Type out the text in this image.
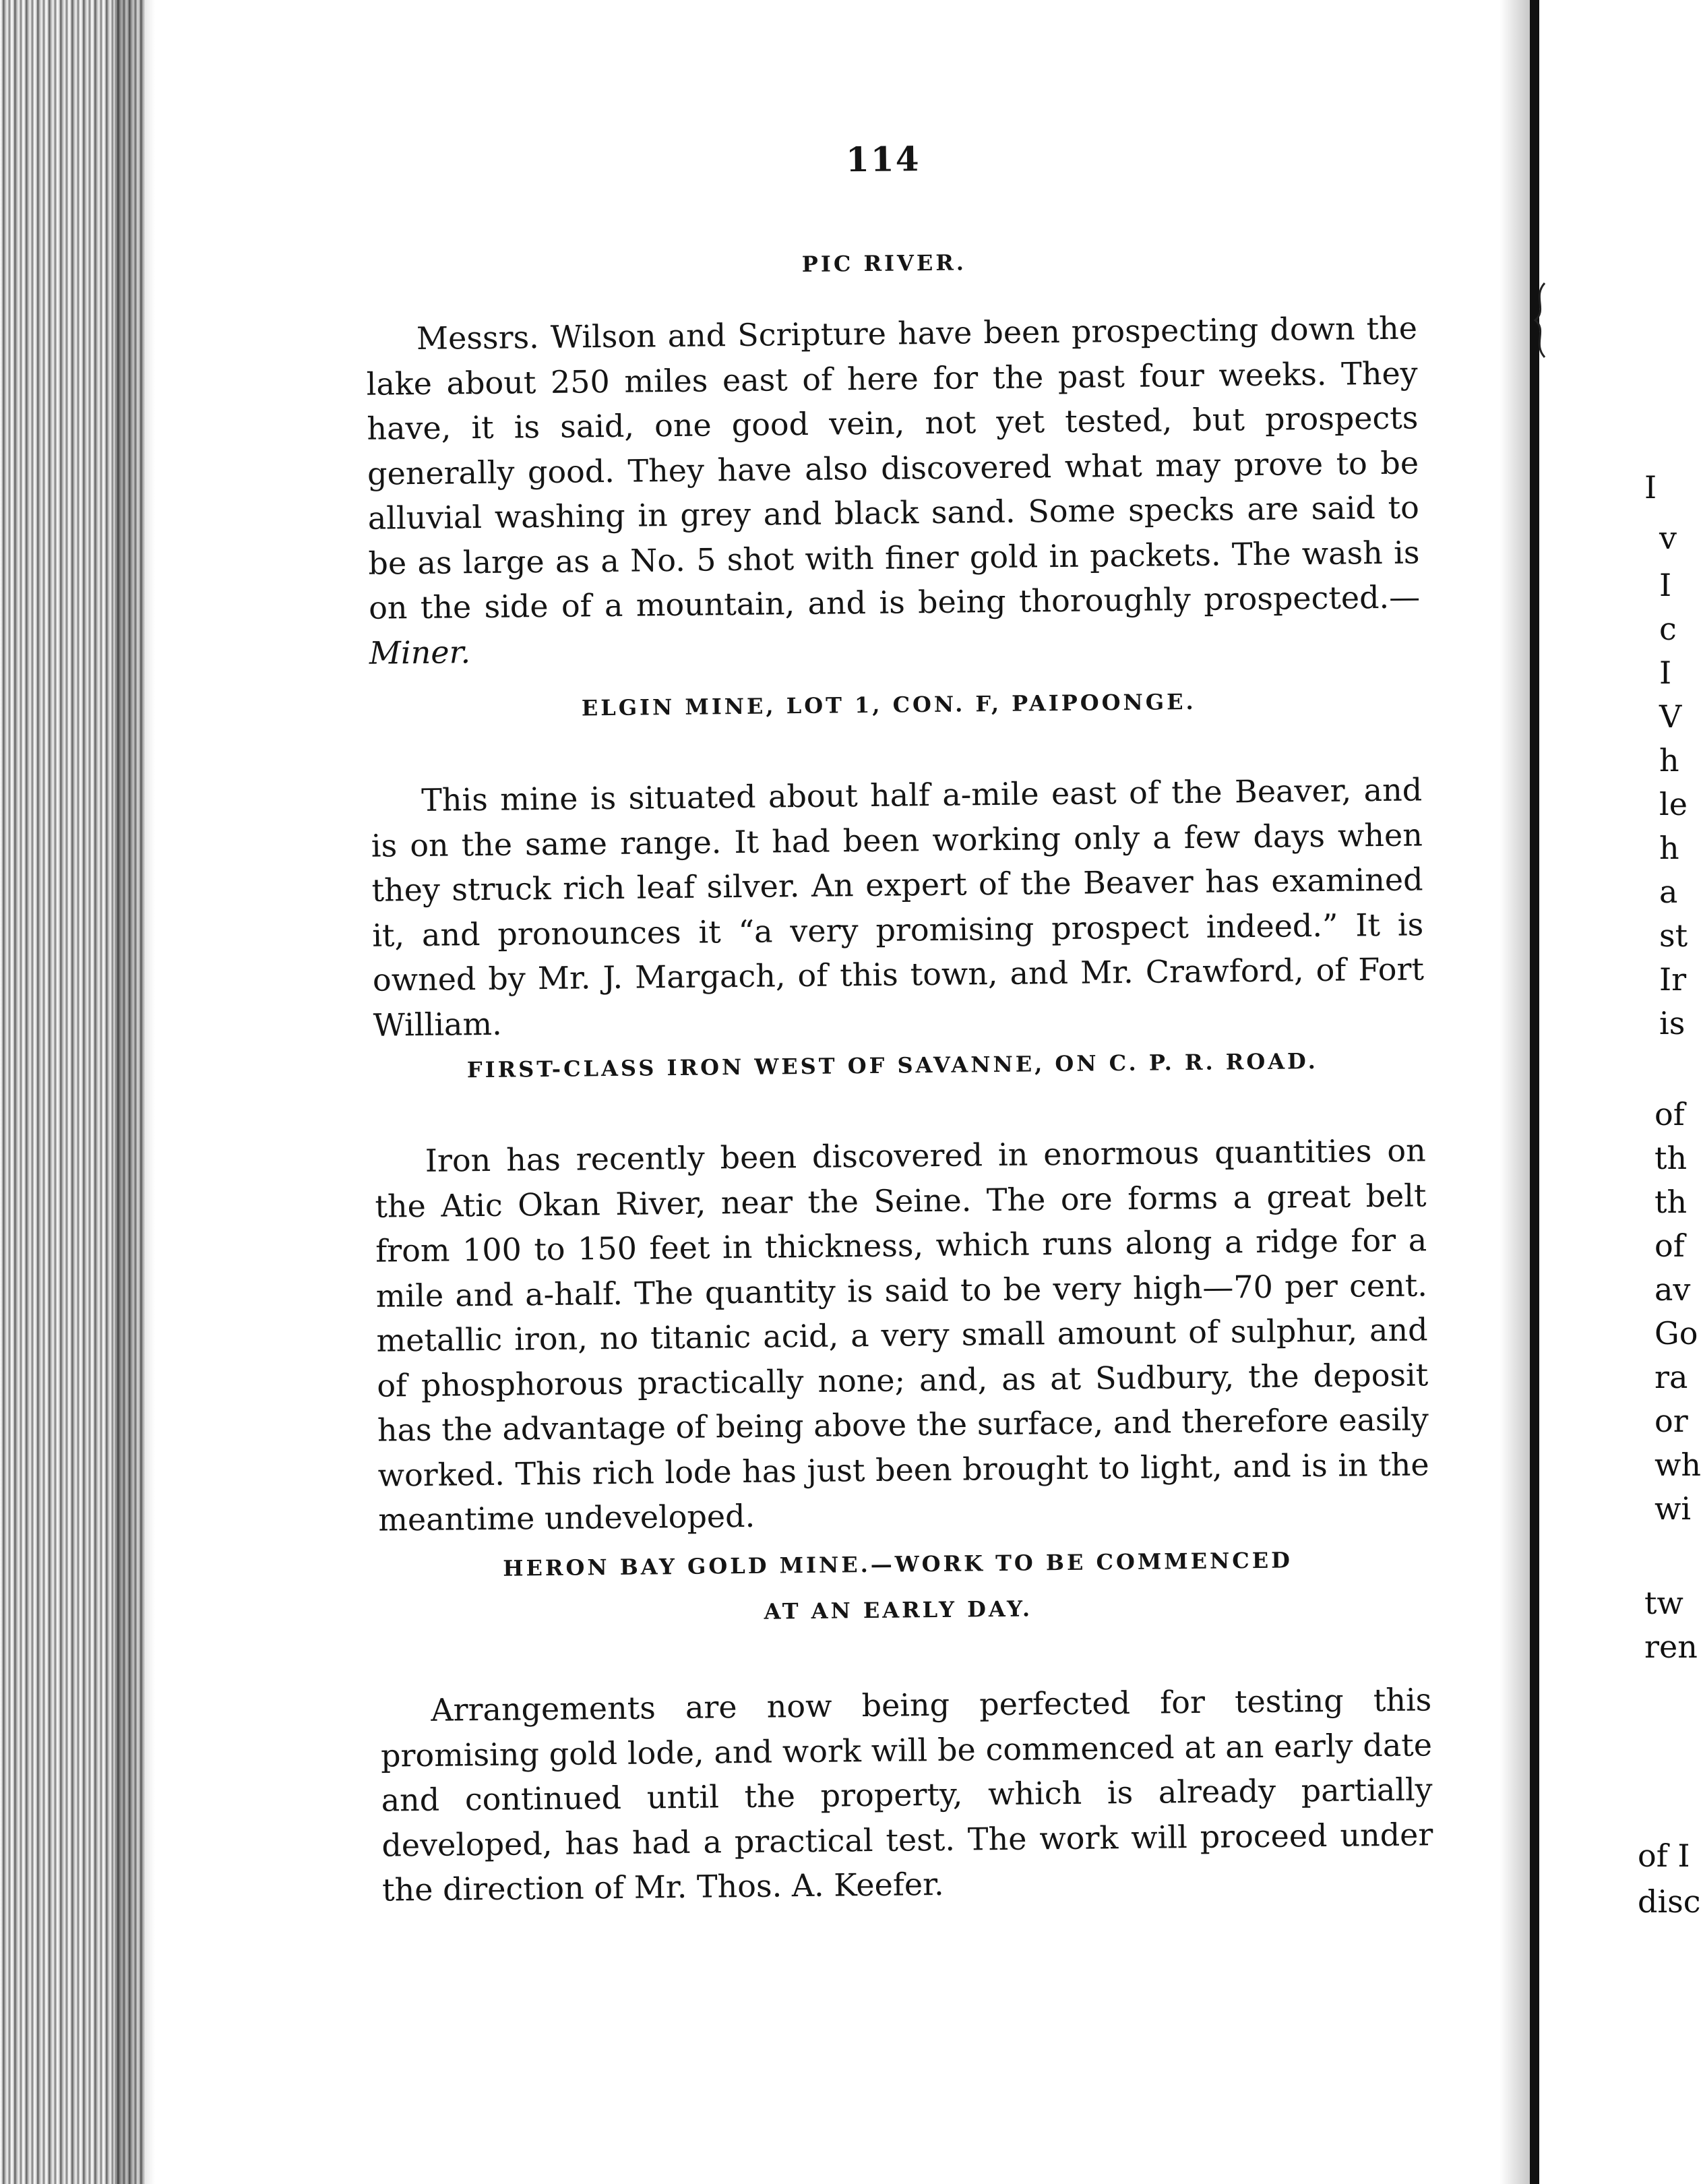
114
PIC RIVER.

Messrs. Wilson and Scripture have been prospecting down the lake about 250 miles east of here for the past four weeks. They have, it is said, one good vein, not yet tested, but prospects generally good. They have also discovered what may prove to be alluvial washing in grey and black sand. Some specks are said to be as large as a No. 5 shot with finer gold in packets. The wash is on the side of a mountain, and is being thoroughly prospected.—Miner.

ELGIN MINE, LOT 1, CON. F, PAIPOONGE.

This mine is situated about half a-mile east of the Beaver, and is on the same range. It had been working only a few days when they struck rich leaf silver. An expert of the Beaver has examined it, and pronounces it “a very promising prospect indeed.” It is owned by Mr. J. Margach, of this town, and Mr. Crawford, of Fort William.

FIRST-CLASS IRON WEST OF SAVANNE, ON C. P. R. ROAD.

Iron has recently been discovered in enormous quantities on the Atic Okan River, near the Seine. The ore forms a great belt from 100 to 150 feet in thickness, which runs along a ridge for a mile and a-half. The quantity is said to be very high—70 per cent. metallic iron, no titanic acid, a very small amount of sulphur, and of phosphorous practically none; and, as at Sudbury, the deposit has the advantage of being above the surface, and therefore easily worked. This rich lode has just been brought to light, and is in the meantime undeveloped.

HERON BAY GOLD MINE.—WORK TO BE COMMENCED AT AN EARLY DAY.

Arrangements are now being perfected for testing this promising gold lode, and work will be commenced at an early date and continued until the property, which is already partially developed, has had a practical test. The work will proceed under the direction of Mr. Thos. A. Keefer.

I
v
I
c
I
V
h
le
h
a
st
Ir
is
of
th
th
of
av
Go
ra
or
wh
wi
tw
ren
of I
disc
